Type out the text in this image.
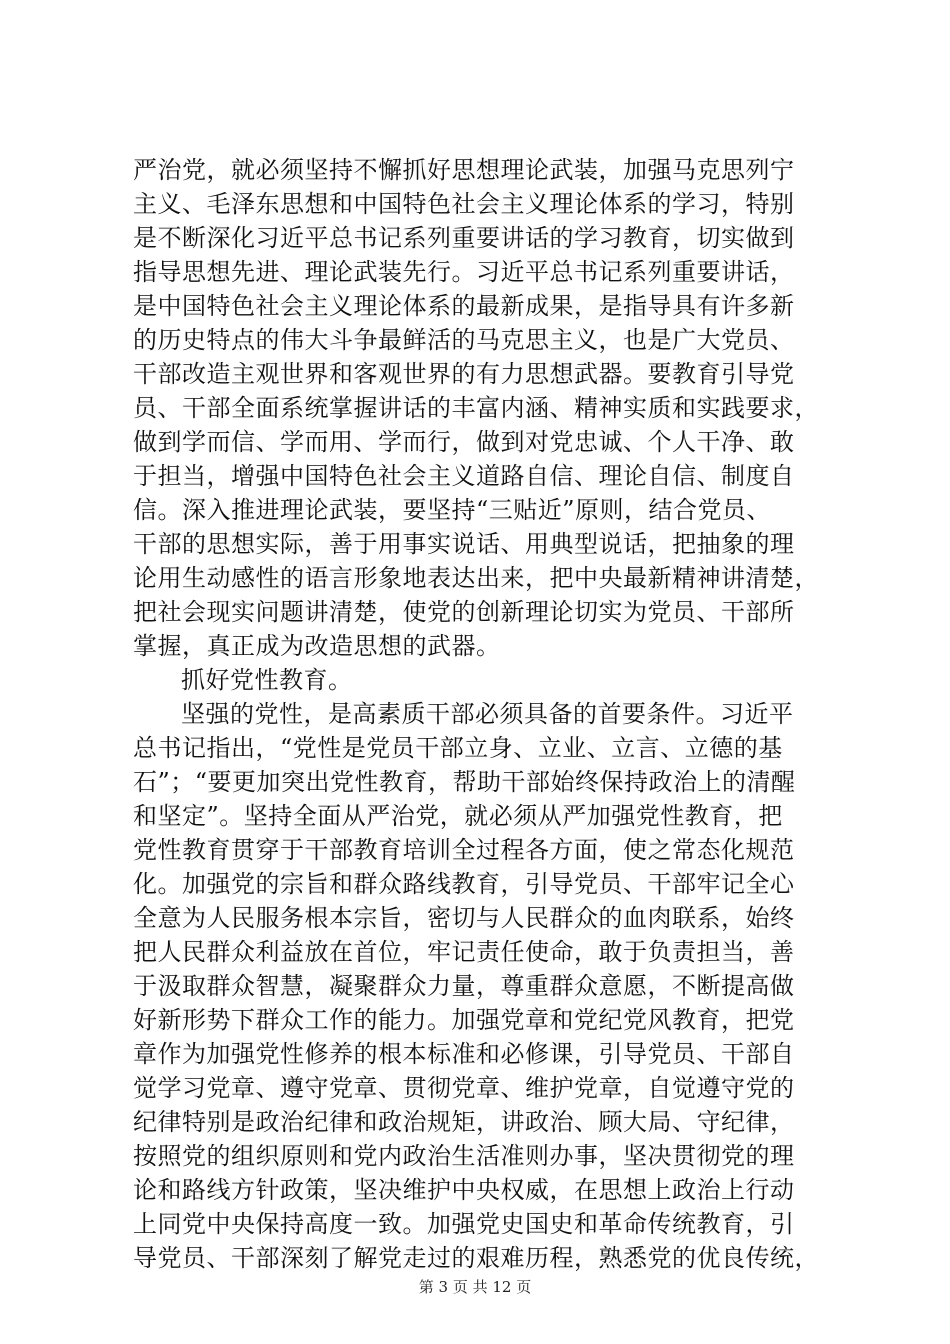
严治党，就必须坚持不懈抓好思想理论武装，加强马克思列宁
主义、毛泽东思想和中国特色社会主义理论体系的学习，特别
是不断深化习近平总书记系列重要讲话的学习教育，切实做到
指导思想先进、理论武装先行。习近平总书记系列重要讲话，
是中国特色社会主义理论体系的最新成果，是指导具有许多新
的历史特点的伟大斗争最鲜活的马克思主义，也是广大党员、
干部改造主观世界和客观世界的有力思想武器。要教育引导党
员、干部全面系统掌握讲话的丰富内涵、精神实质和实践要求，
做到学而信、学而用、学而行，做到对党忠诚、个人干净、敢
于担当，增强中国特色社会主义道路自信、理论自信、制度自
信。深入推进理论武装，要坚持“三贴近”原则，结合党员、
干部的思想实际，善于用事实说话、用典型说话，把抽象的理
论用生动感性的语言形象地表达出来，把中央最新精神讲清楚，
把社会现实问题讲清楚，使党的创新理论切实为党员、干部所
掌握，真正成为改造思想的武器。
抓好党性教育。
坚强的党性，是高素质干部必须具备的首要条件。习近平
总书记指出，“党性是党员干部立身、立业、立言、立德的基
石”；“要更加突出党性教育，帮助干部始终保持政治上的清醒
和坚定”。坚持全面从严治党，就必须从严加强党性教育，把
党性教育贯穿于干部教育培训全过程各方面，使之常态化规范
化。加强党的宗旨和群众路线教育，引导党员、干部牢记全心
全意为人民服务根本宗旨，密切与人民群众的血肉联系，始终
把人民群众利益放在首位，牢记责任使命，敢于负责担当，善
于汲取群众智慧，凝聚群众力量，尊重群众意愿，不断提高做
好新形势下群众工作的能力。加强党章和党纪党风教育，把党
章作为加强党性修养的根本标准和必修课，引导党员、干部自
觉学习党章、遵守党章、贯彻党章、维护党章，自觉遵守党的
纪律特别是政治纪律和政治规矩，讲政治、顾大局、守纪律，
按照党的组织原则和党内政治生活准则办事，坚决贯彻党的理
论和路线方针政策，坚决维护中央权威，在思想上政治上行动
上同党中央保持高度一致。加强党史国史和革命传统教育，引
导党员、干部深刻了解党走过的艰难历程，熟悉党的优良传统，
第 3 页 共 12 页
